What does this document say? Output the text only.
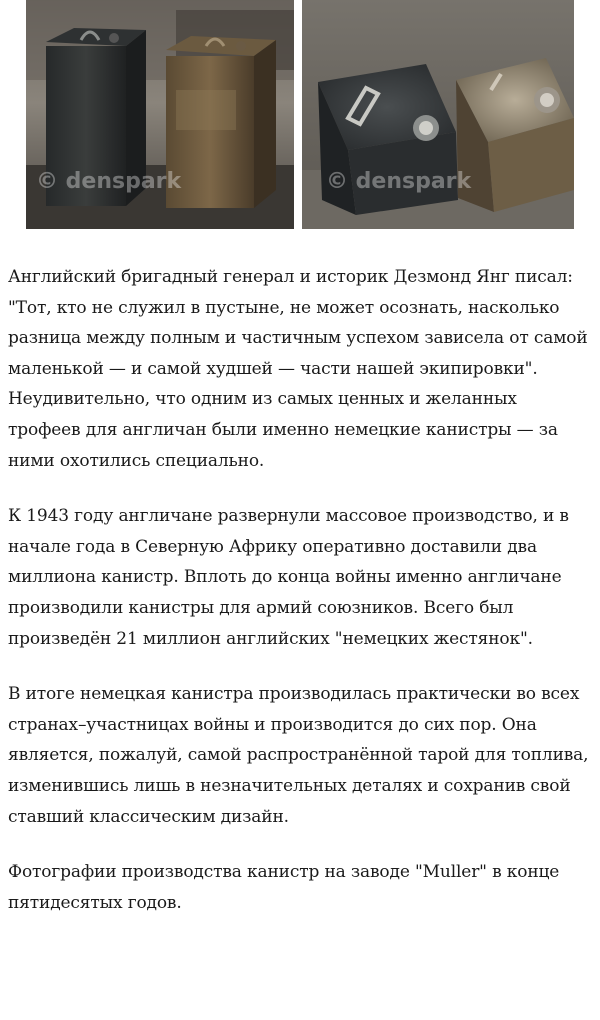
© denspark	© denspark

Английский бригадный генерал и историк Дезмонд Янг писал: "Тот, кто не служил в пустыне, не может осознать, насколько разница между полным и частичным успехом зависела от самой маленькой — и самой худшей — части нашей экипировки".

Неудивительно, что одним из самых ценных и желанных трофеев для англичан были именно немецкие канистры — за ними охотились специально.

К 1943 году англичане развернули массовое производство, и в начале года в Северную Африку оперативно доставили два миллиона канистр. Вплоть до конца войны именно англичане производили канистры для армий союзников. Всего был произведён 21 миллион английских "немецких жестянок".

В итоге немецкая канистра производилась практически во всех странах–участницах войны и производится до сих пор. Она является, пожалуй, самой распространённой тарой для топлива, изменившись лишь в незначительных деталях и сохранив свой ставший классическим дизайн.

Фотографии производства канистр на заводе "Muller" в конце пятидесятых годов.
